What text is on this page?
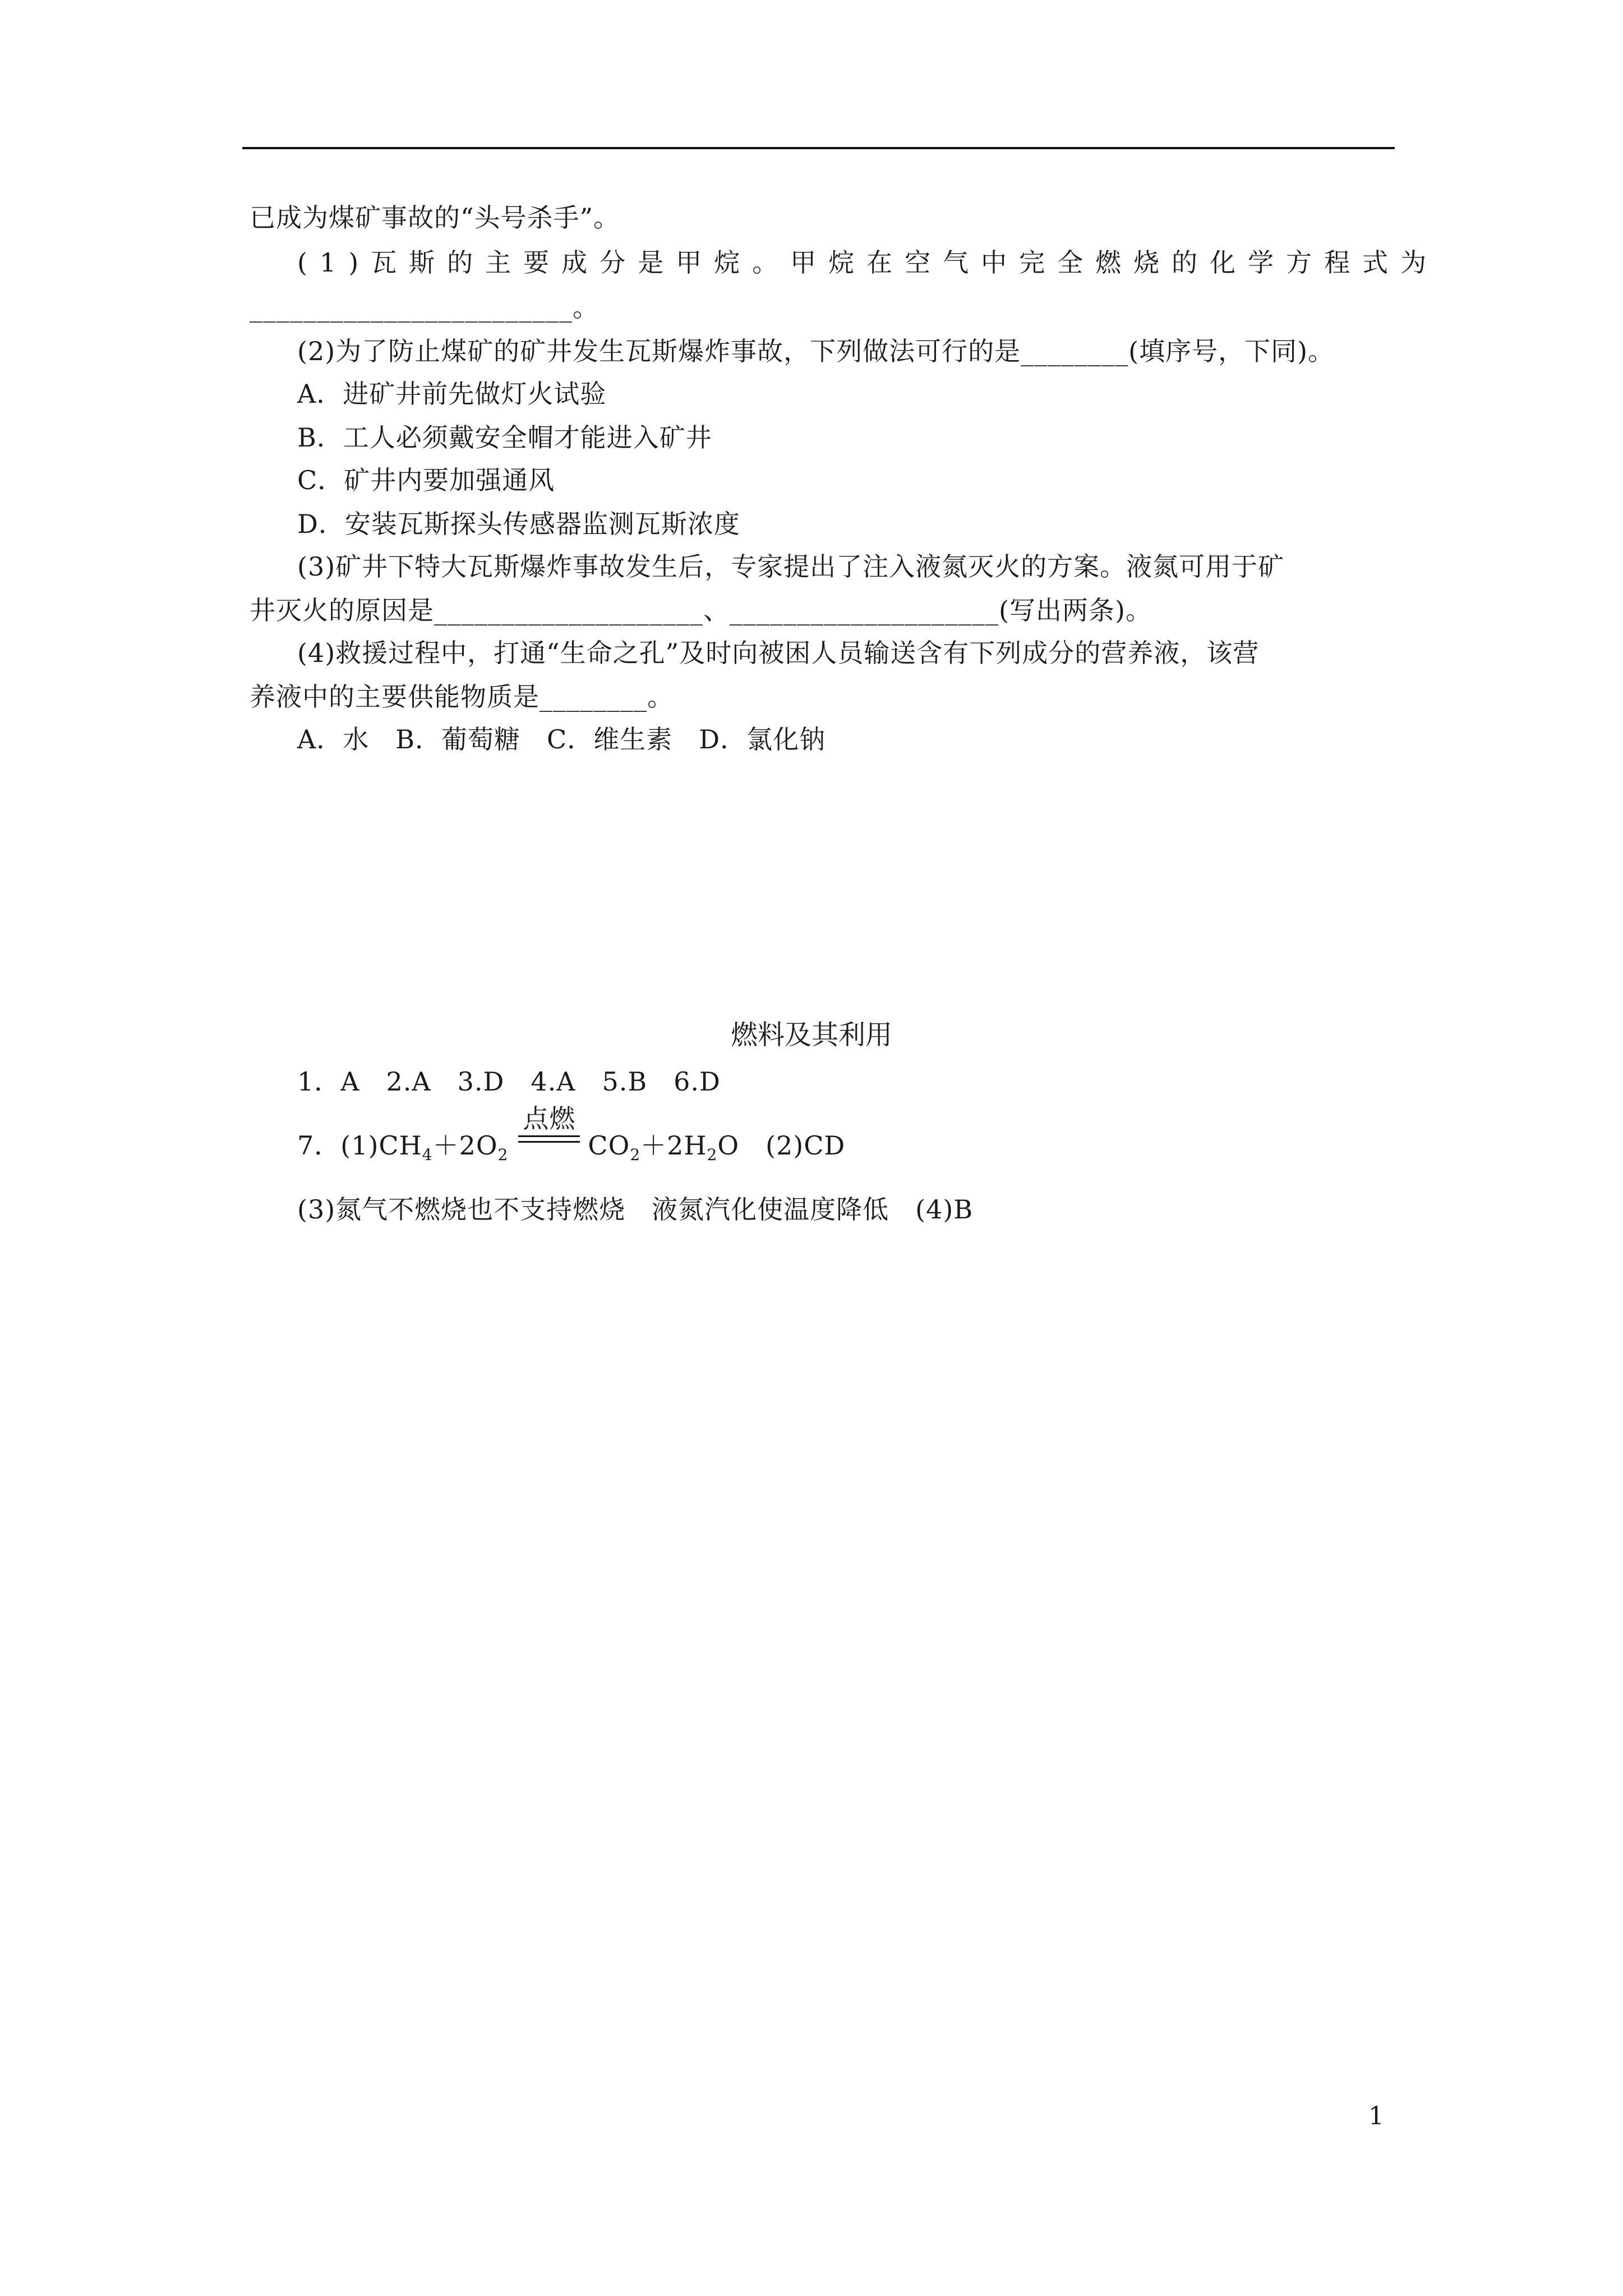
已成为煤矿事故的“头号杀手”。
(1)瓦斯的主要成分是甲烷。甲烷在空气中完全燃烧的化学方程式为
________________________。
(2)为了防止煤矿的矿井发生瓦斯爆炸事故，下列做法可行的是________(填序号，下同)。
A．进矿井前先做灯火试验
B．工人必须戴安全帽才能进入矿井
C．矿井内要加强通风
D．安装瓦斯探头传感器监测瓦斯浓度
(3)矿井下特大瓦斯爆炸事故发生后，专家提出了注入液氮灭火的方案。液氮可用于矿
井灭火的原因是____________________、____________________(写出两条)。
(4)救援过程中，打通“生命之孔”及时向被困人员输送含有下列成分的营养液，该营
养液中的主要供能物质是________。
A．水　B．葡萄糖　C．维生素　D．氯化钠
燃料及其利用
1．A　2.A　3.D　4.A　5.B　6.D
7．$(1)CH_4+2O_2$
点燃
$CO_2+2H_2O$　(2)CD
(3)氮气不燃烧也不支持燃烧　液氮汽化使温度降低　(4)B
1
